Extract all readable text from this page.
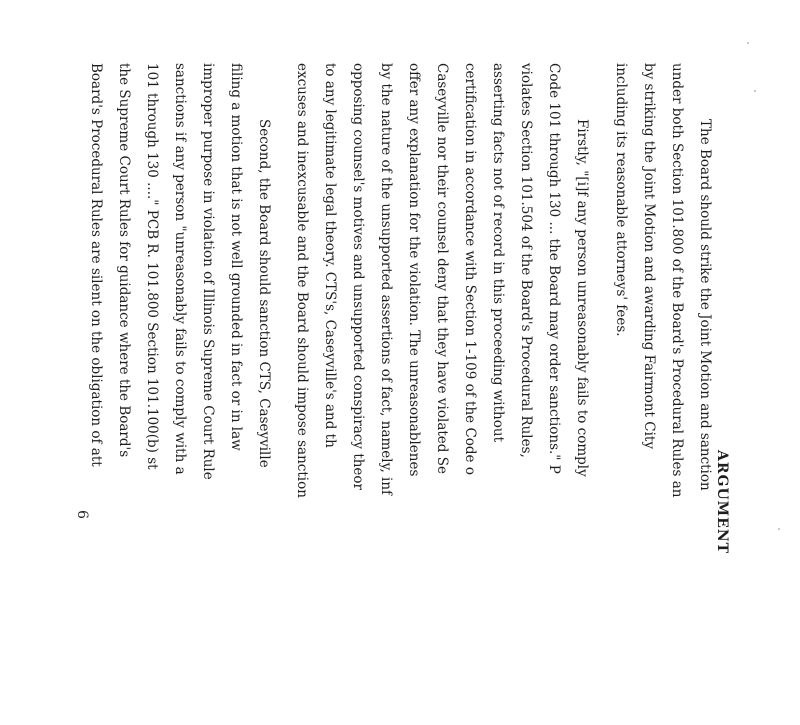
ARGUMENT
The Board should strike the Joint Motion and sanction
under both Section 101.800 of the Board's Procedural Rules an
by striking the Joint Motion and awarding Fairmont City
including its reasonable attorneys' fees.
Firstly, "[i]f any person unreasonably fails to comply
Code 101 through 130 ... the Board may order sanctions." P
violates Section 101.504 of the Board's Procedural Rules,
asserting facts not of record in this proceeding without
certification in accordance with Section 1-109 of the Code o
Caseyville nor their counsel deny that they have violated Se
offer any explanation for the violation. The unreasonablenes
by the nature of the unsupported assertions of fact, namely, inf
opposing counsel's motives and unsupported conspiracy theor
to any legitimate legal theory. CTS's, Caseyville's and th
excuses and inexcusable and the Board should impose sanction
Second, the Board should sanction CTS, Caseyville
filing a motion that is not well grounded in fact or in law
improper purpose in violation of Illinois Supreme Court Rule
sanctions if any person "unreasonably fails to comply with a
101 through 130 ...." PCB R. 101.800 Section 101.100(b) st
the Supreme Court Rules for guidance where the Board's
Board's Procedural Rules are silent on the obligation of att
6
